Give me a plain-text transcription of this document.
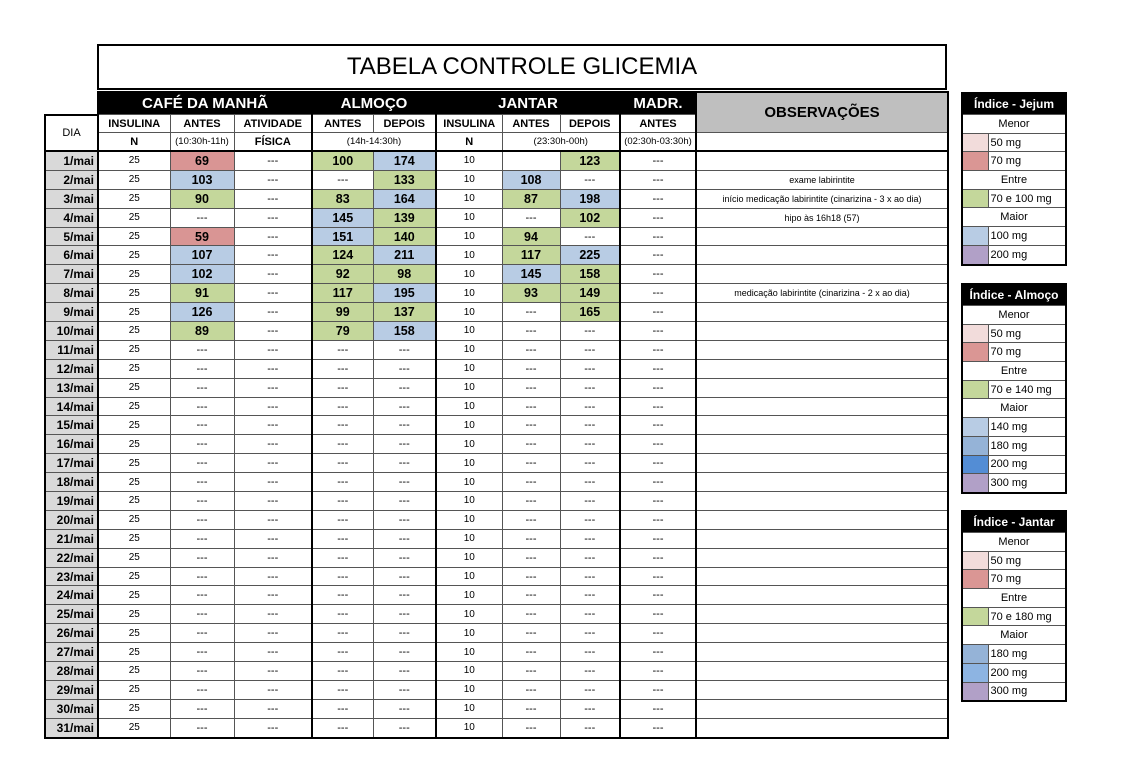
TABELA CONTROLE GLICEMIA
	CAFÉ DA MANHÃ			ALMOÇO		JANTAR			MADR.	OBSERVAÇÕES
DIA	INSULINA	ANTES	ATIVIDADE	ANTES	DEPOIS	INSULINA	ANTES	DEPOIS	ANTES	
	N	(10:30h-11h)	FÍSICA	(14h-14:30h)		N	(23:30h-00h)		(02:30h-03:30h)	
1/mai	25	69	---	100	174	10		123	---	
2/mai	25	103	---	---	133	10	108	---	---	exame labirintite
3/mai	25	90	---	83	164	10	87	198	---	início medicação labirintite (cinarizina - 3 x ao dia)
4/mai	25	---	---	145	139	10	---	102	---	hipo às 16h18 (57)
5/mai	25	59	---	151	140	10	94	---	---	
6/mai	25	107	---	124	211	10	117	225	---	
7/mai	25	102	---	92	98	10	145	158	---	
8/mai	25	91	---	117	195	10	93	149	---	medicação labirintite (cinarizina - 2 x ao dia)
9/mai	25	126	---	99	137	10	---	165	---	
10/mai	25	89	---	79	158	10	---	---	---	
11/mai	25	---	---	---	---	10	---	---	---	
12/mai	25	---	---	---	---	10	---	---	---	
13/mai	25	---	---	---	---	10	---	---	---	
14/mai	25	---	---	---	---	10	---	---	---	
15/mai	25	---	---	---	---	10	---	---	---	
16/mai	25	---	---	---	---	10	---	---	---	
17/mai	25	---	---	---	---	10	---	---	---	
18/mai	25	---	---	---	---	10	---	---	---	
19/mai	25	---	---	---	---	10	---	---	---	
20/mai	25	---	---	---	---	10	---	---	---	
21/mai	25	---	---	---	---	10	---	---	---	
22/mai	25	---	---	---	---	10	---	---	---	
23/mai	25	---	---	---	---	10	---	---	---	
24/mai	25	---	---	---	---	10	---	---	---	
25/mai	25	---	---	---	---	10	---	---	---	
26/mai	25	---	---	---	---	10	---	---	---	
27/mai	25	---	---	---	---	10	---	---	---	
28/mai	25	---	---	---	---	10	---	---	---	
29/mai	25	---	---	---	---	10	---	---	---	
30/mai	25	---	---	---	---	10	---	---	---	
31/mai	25	---	---	---	---	10	---	---	---	
Índice - Jejum	
Menor	
	50 mg
	70 mg
Entre	
	70 e 100 mg
Maior	
	100 mg
	200 mg
Índice - Almoço	
Menor	
	50 mg
	70 mg
Entre	
	70 e 140 mg
Maior	
	140 mg
	180 mg
	200 mg
	300 mg
Índice - Jantar	
Menor	
	50 mg
	70 mg
Entre	
	70 e 180 mg
Maior	
	180 mg
	200 mg
	300 mg
